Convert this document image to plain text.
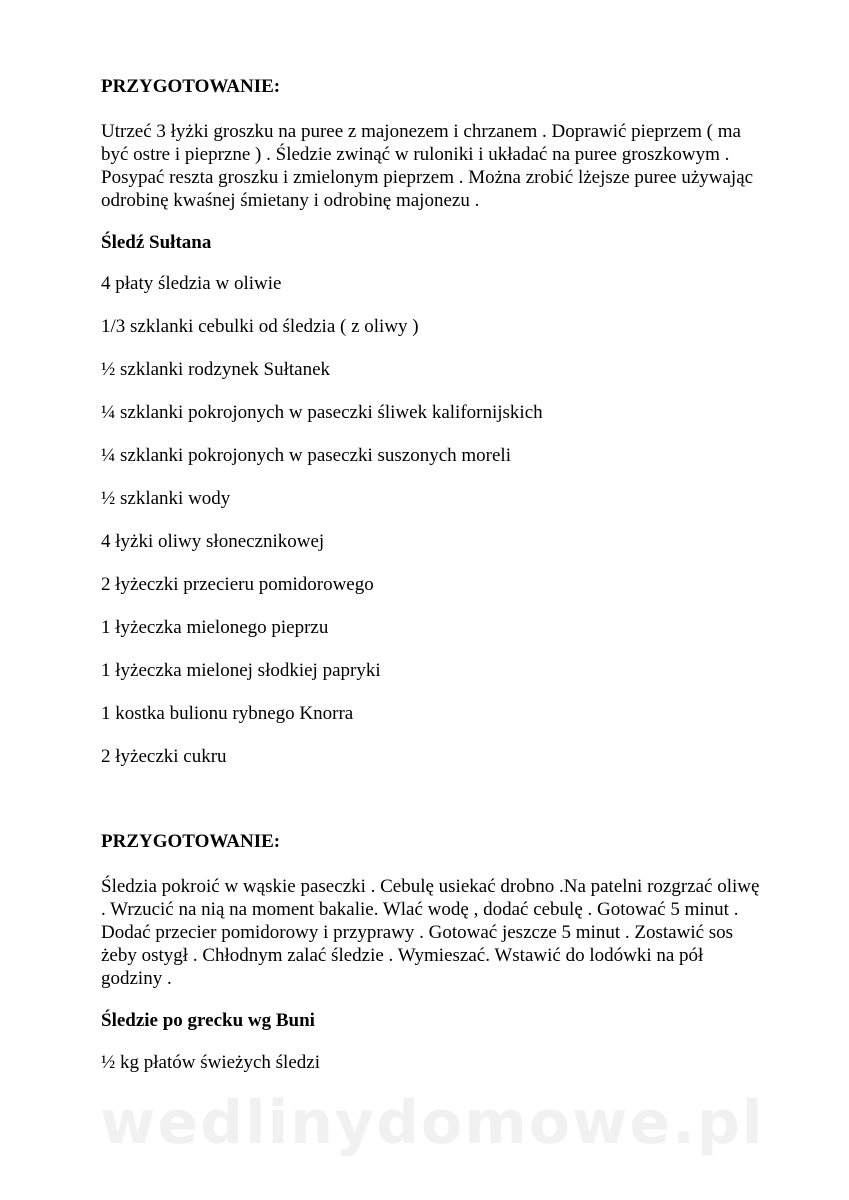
PRZYGOTOWANIE:

Utrzeć 3 łyżki groszku na puree z majonezem i chrzanem . Doprawić pieprzem ( ma być ostre i pieprzne ) . Śledzie zwinąć w ruloniki i układać na puree groszkowym . Posypać reszta groszku i zmielonym pieprzem . Można zrobić lżejsze puree używając odrobinę kwaśnej śmietany i odrobinę majonezu .

Śledź Sułtana

4 płaty śledzia w oliwie

1/3 szklanki cebulki od śledzia ( z oliwy )

½ szklanki rodzynek Sułtanek

¼ szklanki pokrojonych w paseczki śliwek kalifornijskich

¼ szklanki pokrojonych w paseczki suszonych moreli

½ szklanki wody

4 łyżki oliwy słonecznikowej

2 łyżeczki przecieru pomidorowego

1 łyżeczka mielonego pieprzu

1 łyżeczka mielonej słodkiej papryki

1 kostka bulionu rybnego Knorra

2 łyżeczki cukru

PRZYGOTOWANIE:

Śledzia pokroić w wąskie paseczki . Cebulę usiekać drobno .Na patelni rozgrzać oliwę . Wrzucić na nią na moment bakalie. Wlać wodę , dodać cebulę . Gotować 5 minut . Dodać przecier pomidorowy i przyprawy . Gotować jeszcze 5 minut . Zostawić sos żeby ostygł . Chłodnym zalać śledzie . Wymieszać. Wstawić do lodówki na pół godziny .

Śledzie po grecku wg Buni

½ kg płatów świeżych śledzi

wedlinydomowe.pl
